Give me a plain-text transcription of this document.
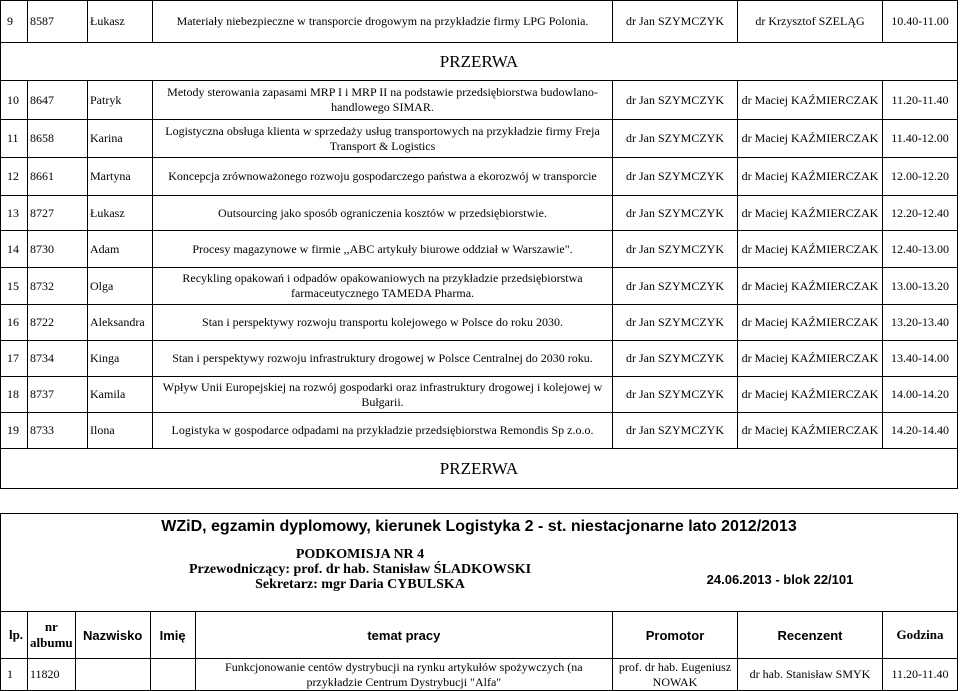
9	8587	Łukasz	Materiały niebezpieczne w transporcie drogowym na przykładzie firmy LPG Polonia.	dr Jan SZYMCZYK	dr Krzysztof SZELĄG	10.40-11.00
PRZERWA						
10	8647	Patryk	Metody sterowania zapasami MRP I i MRP II na podstawie przedsiębiorstwa budowlano-handlowego SIMAR.	dr Jan SZYMCZYK	dr Maciej KAŹMIERCZAK	11.20-11.40
11	8658	Karina	Logistyczna obsługa klienta w sprzedaży usług transportowych na przykładzie firmy Freja Transport & Logistics	dr Jan SZYMCZYK	dr Maciej KAŹMIERCZAK	11.40-12.00
12	8661	Martyna	Koncepcja zrównoważonego rozwoju gospodarczego państwa a ekorozwój w transporcie	dr Jan SZYMCZYK	dr Maciej KAŹMIERCZAK	12.00-12.20
13	8727	Łukasz	Outsourcing jako sposób ograniczenia kosztów w przedsiębiorstwie.	dr Jan SZYMCZYK	dr Maciej KAŹMIERCZAK	12.20-12.40
14	8730	Adam	Procesy magazynowe w firmie ,,ABC artykuły biurowe oddział w Warszawie".	dr Jan SZYMCZYK	dr Maciej KAŹMIERCZAK	12.40-13.00
15	8732	Olga	Recykling opakowań i odpadów opakowaniowych na przykładzie przedsiębiorstwa farmaceutycznego TAMEDA Pharma.	dr Jan SZYMCZYK	dr Maciej KAŹMIERCZAK	13.00-13.20
16	8722	Aleksandra	Stan i perspektywy rozwoju transportu kolejowego w Polsce do roku 2030.	dr Jan SZYMCZYK	dr Maciej KAŹMIERCZAK	13.20-13.40
17	8734	Kinga	Stan i perspektywy rozwoju infrastruktury drogowej w Polsce Centralnej do 2030 roku.	dr Jan SZYMCZYK	dr Maciej KAŹMIERCZAK	13.40-14.00
18	8737	Kamila	Wpływ Unii Europejskiej na rozwój gospodarki oraz infrastruktury drogowej i kolejowej w Bułgarii.	dr Jan SZYMCZYK	dr Maciej KAŹMIERCZAK	14.00-14.20
19	8733	Ilona	Logistyka w gospodarce odpadami na przykładzie przedsiębiorstwa Remondis Sp z.o.o.	dr Jan SZYMCZYK	dr Maciej KAŹMIERCZAK	14.20-14.40
PRZERWA						
WZiD, egzamin dyplomowy, kierunek Logistyka 2 - st. niestacjonarne lato 2012/2013
PODKOMISJA NR 4
Przewodniczący: prof. dr hab. Stanisław ŚLADKOWSKI
Sekretarz: mgr Daria CYBULSKA	24.06.2013 - blok 22/101
lp.	nr albumu	Nazwisko	Imię	temat pracy	Promotor	Recenzent	Godzina
1	11820			Funkcjonowanie centów dystrybucji na rynku artykułów spożywczych (na przykładzie Centrum Dystrybucji "Alfa"	prof. dr hab. Eugeniusz NOWAK	dr hab. Stanisław SMYK	11.20-11.40
